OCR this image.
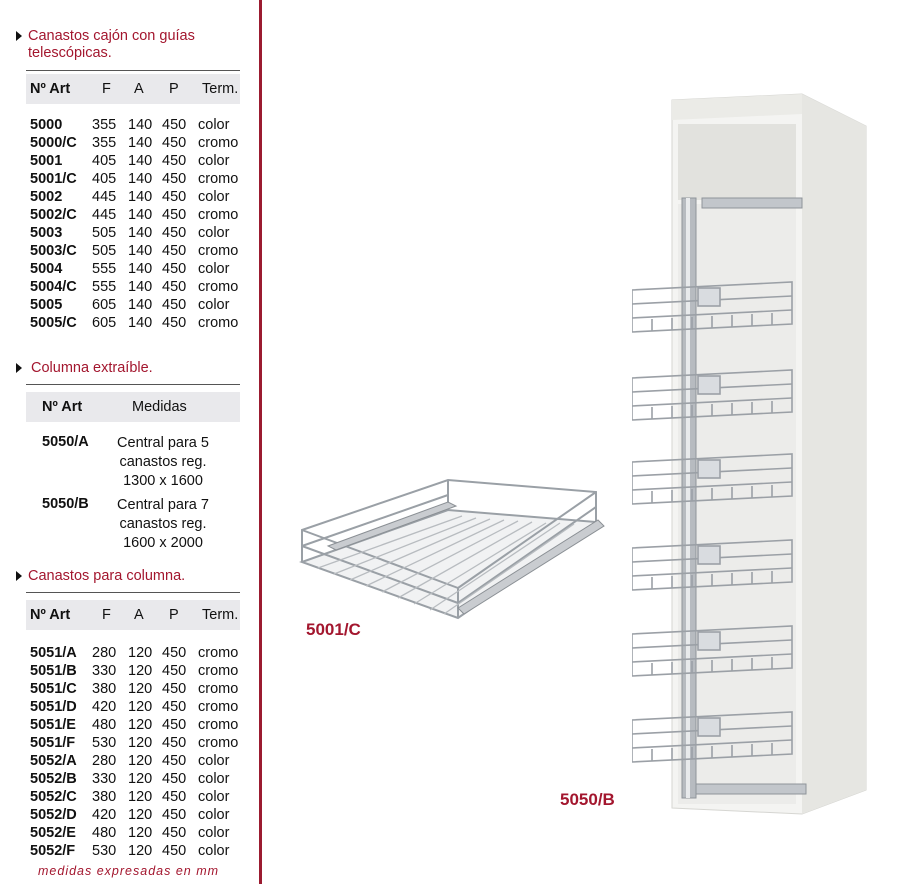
Canastos cajón con guías
telescópicas.
Nº Art F A P Term.
5000 355 140 450 color
5000/C 355 140 450 cromo
5001 405 140 450 color
5001/C 405 140 450 cromo
5002 445 140 450 color
5002/C 445 140 450 cromo
5003 505 140 450 color
5003/C 505 140 450 cromo
5004 555 140 450 color
5004/C 555 140 450 cromo
5005 605 140 450 color
5005/C 605 140 450 cromo
Columna extraíble.
Nº Art	Medidas
5050/A	Central para 5
canastos reg.
1300 x 1600
5050/B	Central para 7
canastos reg.
1600 x 2000
Canastos para columna.
Nº Art F A P Term.
5051/A 280 120 450 cromo
5051/B 330 120 450 cromo
5051/C 380 120 450 cromo
5051/D 420 120 450 cromo
5051/E 480 120 450 cromo
5051/F 530 120 450 cromo
5052/A 280 120 450 color
5052/B 330 120 450 color
5052/C 380 120 450 color
5052/D 420 120 450 color
5052/E 480 120 450 color
5052/F 530 120 450 color
medidas expresadas en mm
5001/C
5050/B
